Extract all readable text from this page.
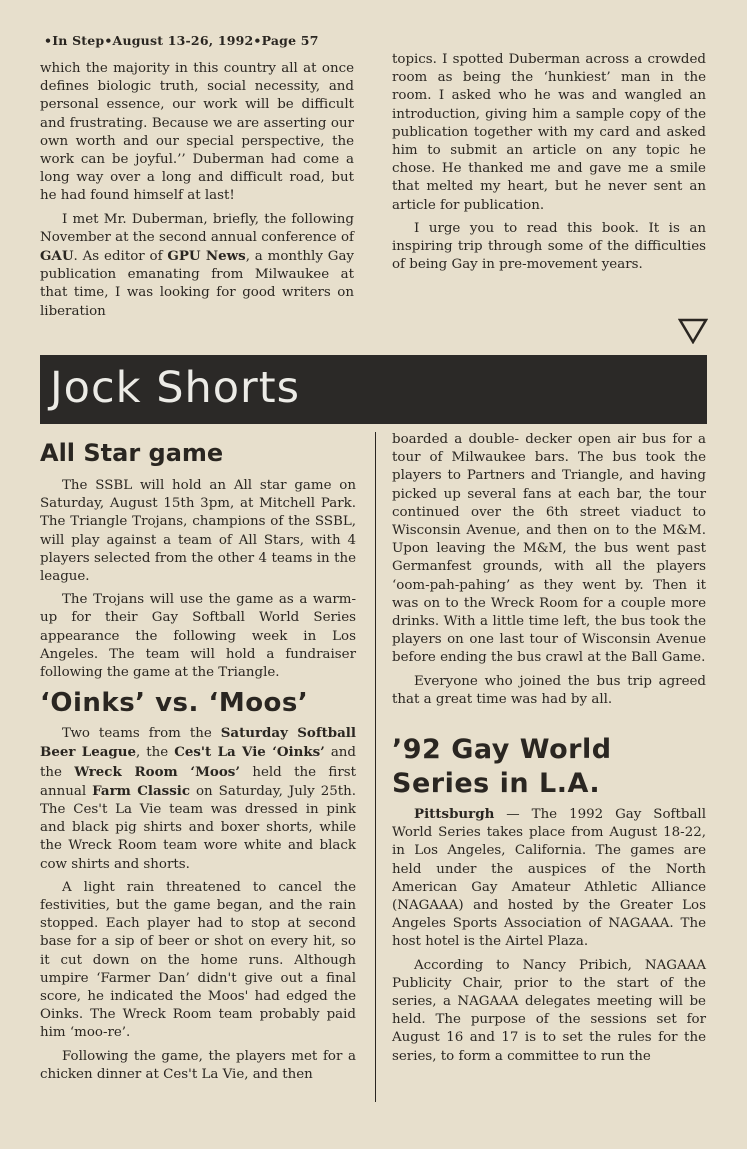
•In Step•August 13-26, 1992•Page 57

which the majority in this country all at once defines biologic truth, social necessity, and personal essence, our work will be difficult and frustrating. Because we are asserting our own worth and our special perspective, the work can be joyful.’’ Duberman had come a long way over a long and difficult road, but he had found himself at last!

I met Mr. Duberman, briefly, the following November at the second annual conference of GAU. As editor of GPU News, a monthly Gay publication emanating from Milwaukee at that time, I was looking for good writers on liberation

topics. I spotted Duberman across a crowded room as being the ‘hunkiest’ man in the room. I asked who he was and wangled an introduction, giving him a sample copy of the publication together with my card and asked him to submit an article on any topic he chose. He thanked me and gave me a smile that melted my heart, but he never sent an article for publication.

I urge you to read this book. It is an inspiring trip through some of the difficulties of being Gay in pre-movement years.

Jock Shorts
All Star game

The SSBL will hold an All star game on Saturday, August 15th 3pm, at Mitchell Park. The Triangle Trojans, champions of the SSBL, will play against a team of All Stars, with 4 players selected from the other 4 teams in the league.

The Trojans will use the game as a warm- up for their Gay Softball World Series appearance the following week in Los Angeles. The team will hold a fundraiser following the game at the Triangle.

‘Oinks’ vs. ‘Moos’

Two teams from the Saturday Softball Beer League, the Ces't La Vie ‘Oinks’ and the Wreck Room ‘Moos’ held the first annual Farm Classic on Saturday, July 25th. The Ces't La Vie team was dressed in pink and black pig shirts and boxer shorts, while the Wreck Room team wore white and black cow shirts and shorts.

A light rain threatened to cancel the festivities, but the game began, and the rain stopped. Each player had to stop at second base for a sip of beer or shot on every hit, so it cut down on the home runs. Although umpire ‘Farmer Dan’ didn't give out a final score, he indicated the Moos' had edged the Oinks. The Wreck Room team probably paid him ‘moo-re’.

Following the game, the players met for a chicken dinner at Ces't La Vie, and then

boarded a double- decker open air bus for a tour of Milwaukee bars. The bus took the players to Partners and Triangle, and having picked up several fans at each bar, the tour continued over the 6th street viaduct to Wisconsin Avenue, and then on to the M&M. Upon leaving the M&M, the bus went past Germanfest grounds, with all the players ‘oom-pah-pahing’ as they went by. Then it was on to the Wreck Room for a couple more drinks. With a little time left, the bus took the players on one last tour of Wisconsin Avenue before ending the bus crawl at the Ball Game.

Everyone who joined the bus trip agreed that a great time was had by all.

’92 Gay World Series in L.A.

Pittsburgh — The 1992 Gay Softball World Series takes place from August 18-22, in Los Angeles, California. The games are held under the auspices of the North American Gay Amateur Athletic Alliance (NAGAAA) and hosted by the Greater Los Angeles Sports Association of NAGAAA. The host hotel is the Airtel Plaza.

According to Nancy Pribich, NAGAAA Publicity Chair, prior to the start of the series, a NAGAAA delegates meeting will be held. The purpose of the sessions set for August 16 and 17 is to set the rules for the series, to form a committee to run the
